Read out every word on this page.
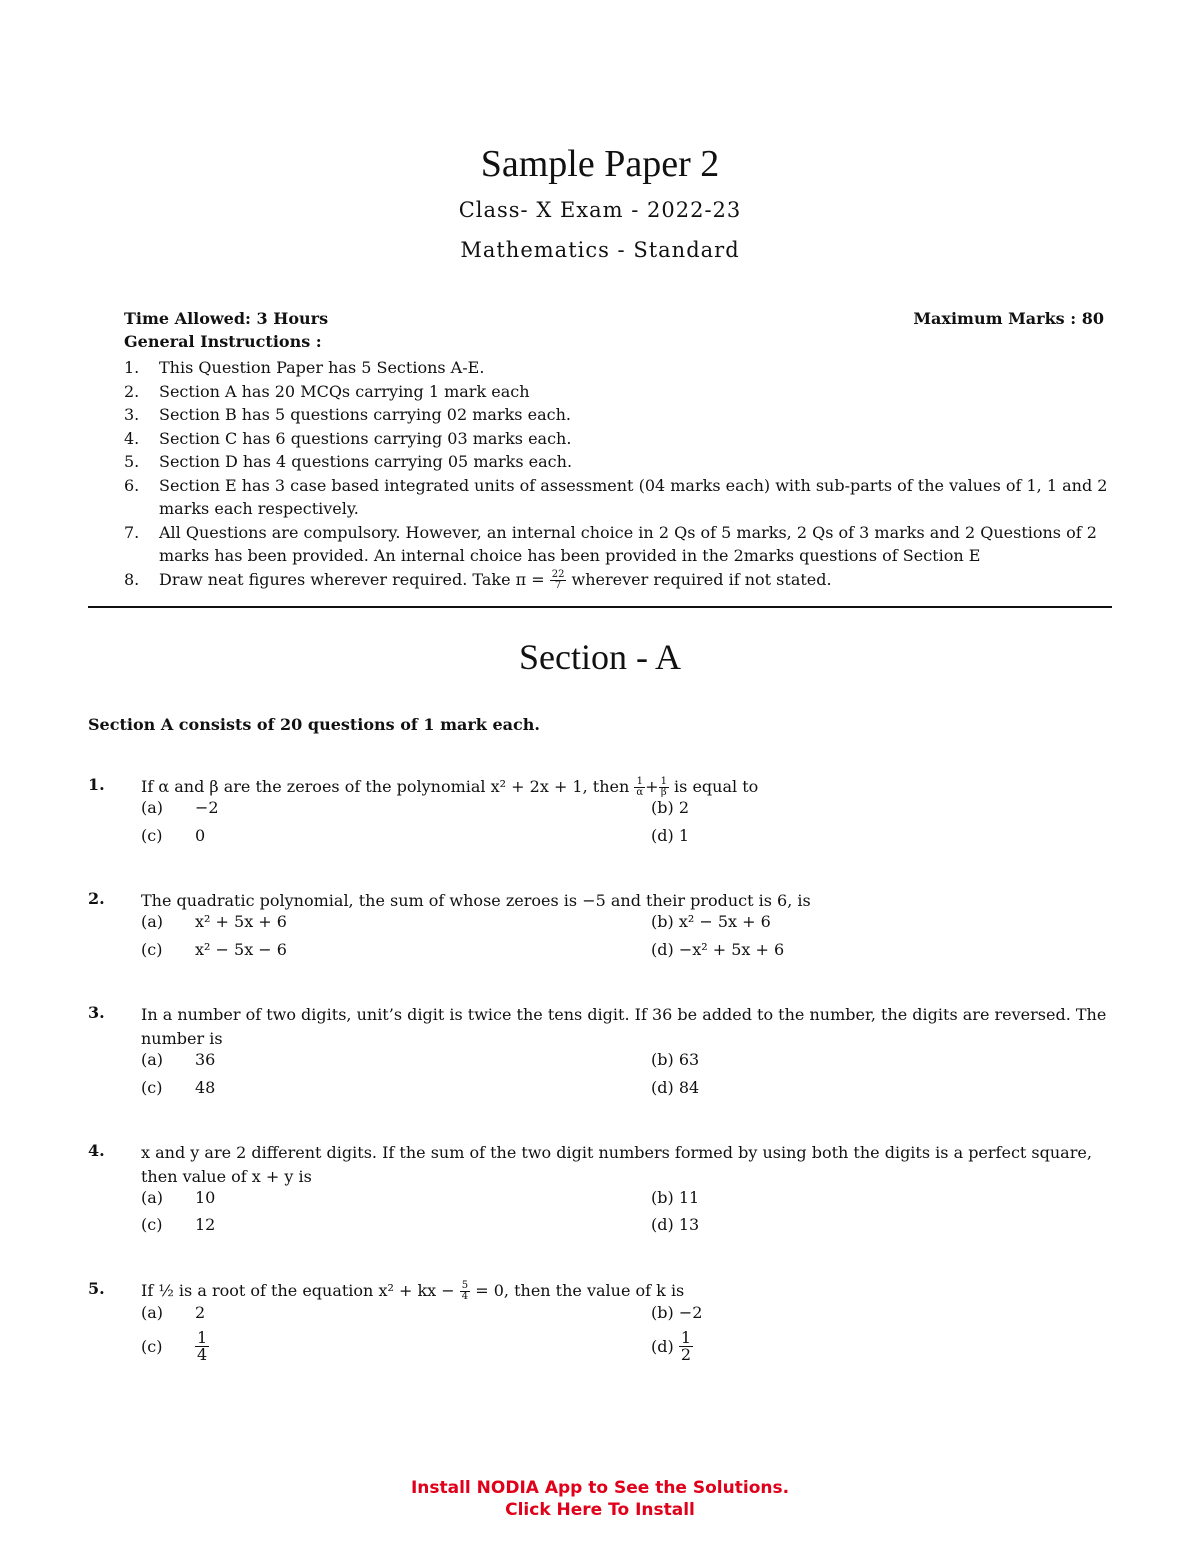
Sample Paper 2
Class- X Exam - 2022-23
Mathematics - Standard
Time Allowed: 3 Hours	Maximum Marks : 80
General Instructions :
1. This Question Paper has 5 Sections A-E.
2. Section A has 20 MCQs carrying 1 mark each
3. Section B has 5 questions carrying 02 marks each.
4. Section C has 6 questions carrying 03 marks each.
5. Section D has 4 questions carrying 05 marks each.
6. Section E has 3 case based integrated units of assessment (04 marks each) with sub-parts of the values of 1, 1 and 2 marks each respectively.
7. All Questions are compulsory. However, an internal choice in 2 Qs of 5 marks, 2 Qs of 3 marks and 2 Questions of 2 marks has been provided. An internal choice has been provided in the 2marks questions of Section E
8. Draw neat figures wherever required. Take $\pi = \frac{22}{7}$ wherever required if not stated.
Section - A
Section A consists of 20 questions of 1 mark each.
1. If α and β are the zeroes of the polynomial x² + 2x + 1, then $\frac{1}{\alpha} + \frac{1}{\beta}$ is equal to
(a) −2	(b) 2
(c) 0	(d) 1
2. The quadratic polynomial, the sum of whose zeroes is −5 and their product is 6, is
(a) x² + 5x + 6	(b) x² − 5x + 6
(c) x² − 5x − 6	(d) −x² + 5x + 6
3. In a number of two digits, unit’s digit is twice the tens digit. If 36 be added to the number, the digits are reversed. The number is
(a) 36	(b) 63
(c) 48	(d) 84
4. x and y are 2 different digits. If the sum of the two digit numbers formed by using both the digits is a perfect square, then value of x + y is
(a) 10	(b) 11
(c) 12	(d) 13
5. If ½ is a root of the equation x² + kx − $\frac{5}{4} = 0$, then the value of k is
(a) 2	(b) −2
$(c) \frac{1}{4}$	$(d) \frac{1}{2}$
Install NODIA App to See the Solutions.
Click Here To Install
